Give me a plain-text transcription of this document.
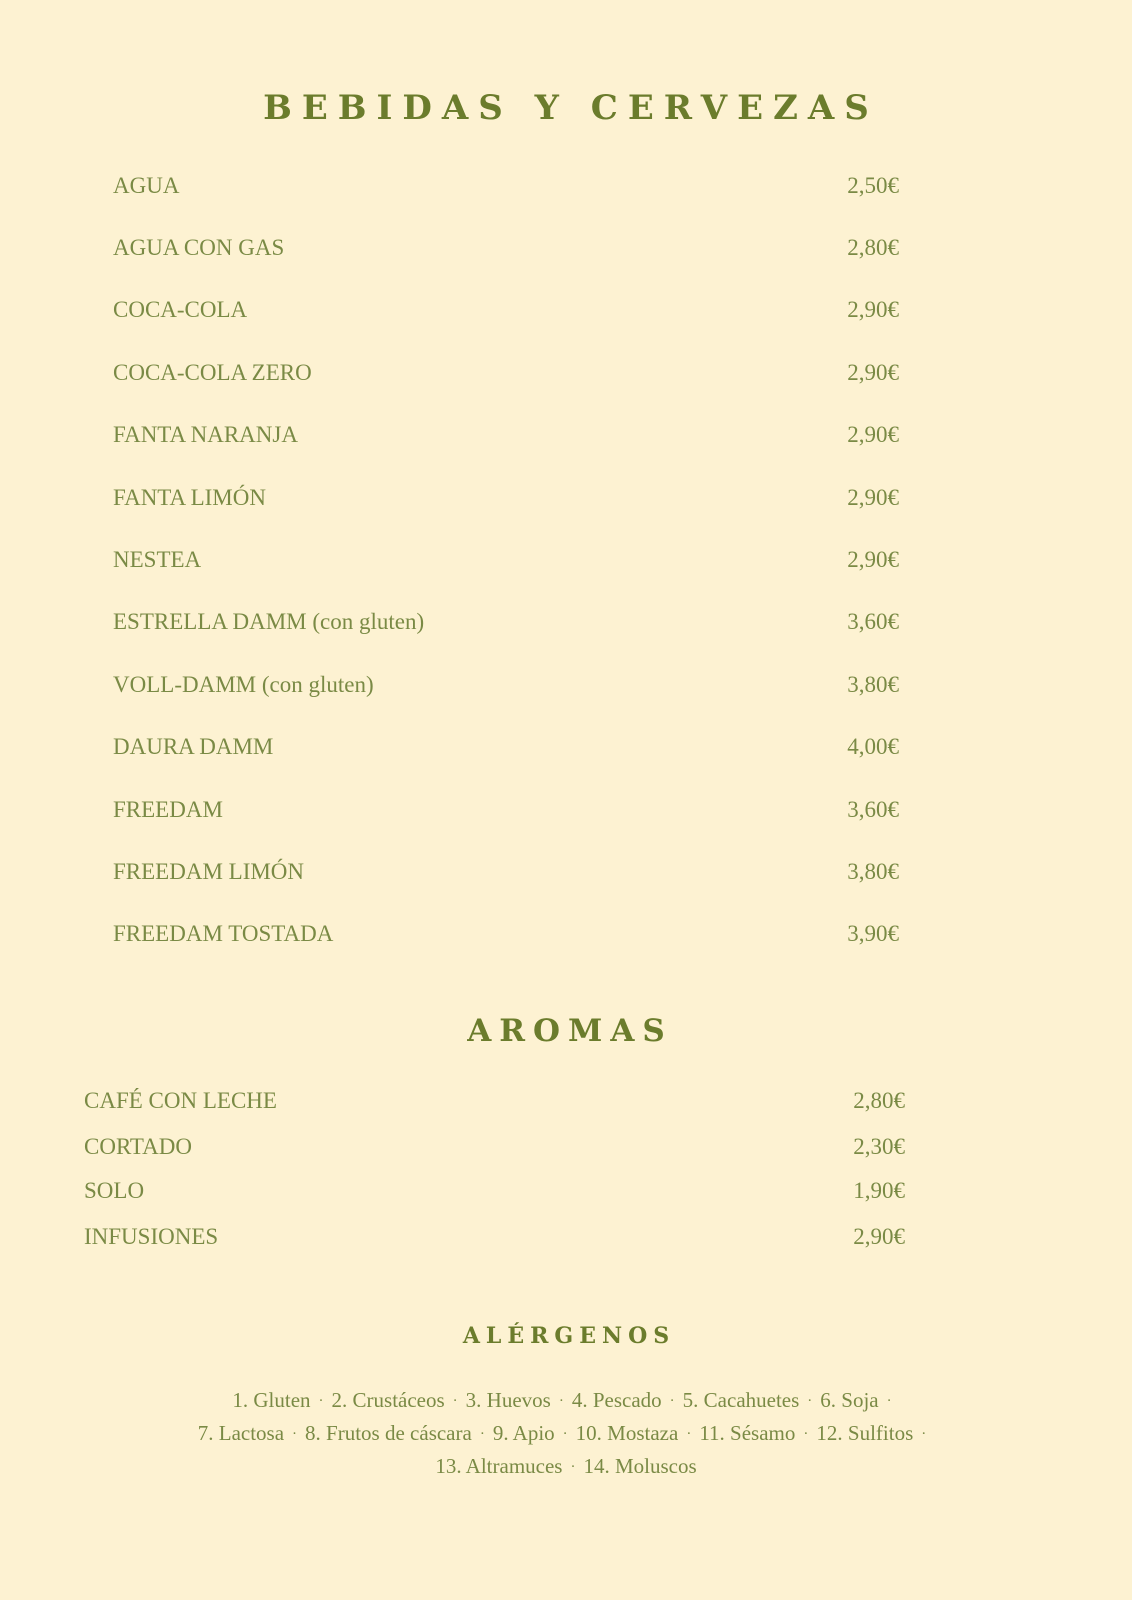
BEBIDAS Y CERVEZAS
AGUA	2,50€
AGUA CON GAS	2,80€
COCA-COLA	2,90€
COCA-COLA ZERO	2,90€
FANTA NARANJA	2,90€
FANTA LIMÓN	2,90€
NESTEA	2,90€
ESTRELLA DAMM (con gluten)	3,60€
VOLL-DAMM (con gluten)	3,80€
DAURA DAMM	4,00€
FREEDAM	3,60€
FREEDAM LIMÓN	3,80€
FREEDAM TOSTADA	3,90€
AROMAS
CAFÉ CON LECHE	2,80€
CORTADO	2,30€
SOLO	1,90€
INFUSIONES	2,90€
ALÉRGENOS
1. Gluten · 2. Crustáceos · 3. Huevos · 4. Pescado · 5. Cacahuetes · 6. Soja ·
7. Lactosa · 8. Frutos de cáscara · 9. Apio · 10. Mostaza · 11. Sésamo · 12. Sulfitos ·
13. Altramuces · 14. Moluscos
